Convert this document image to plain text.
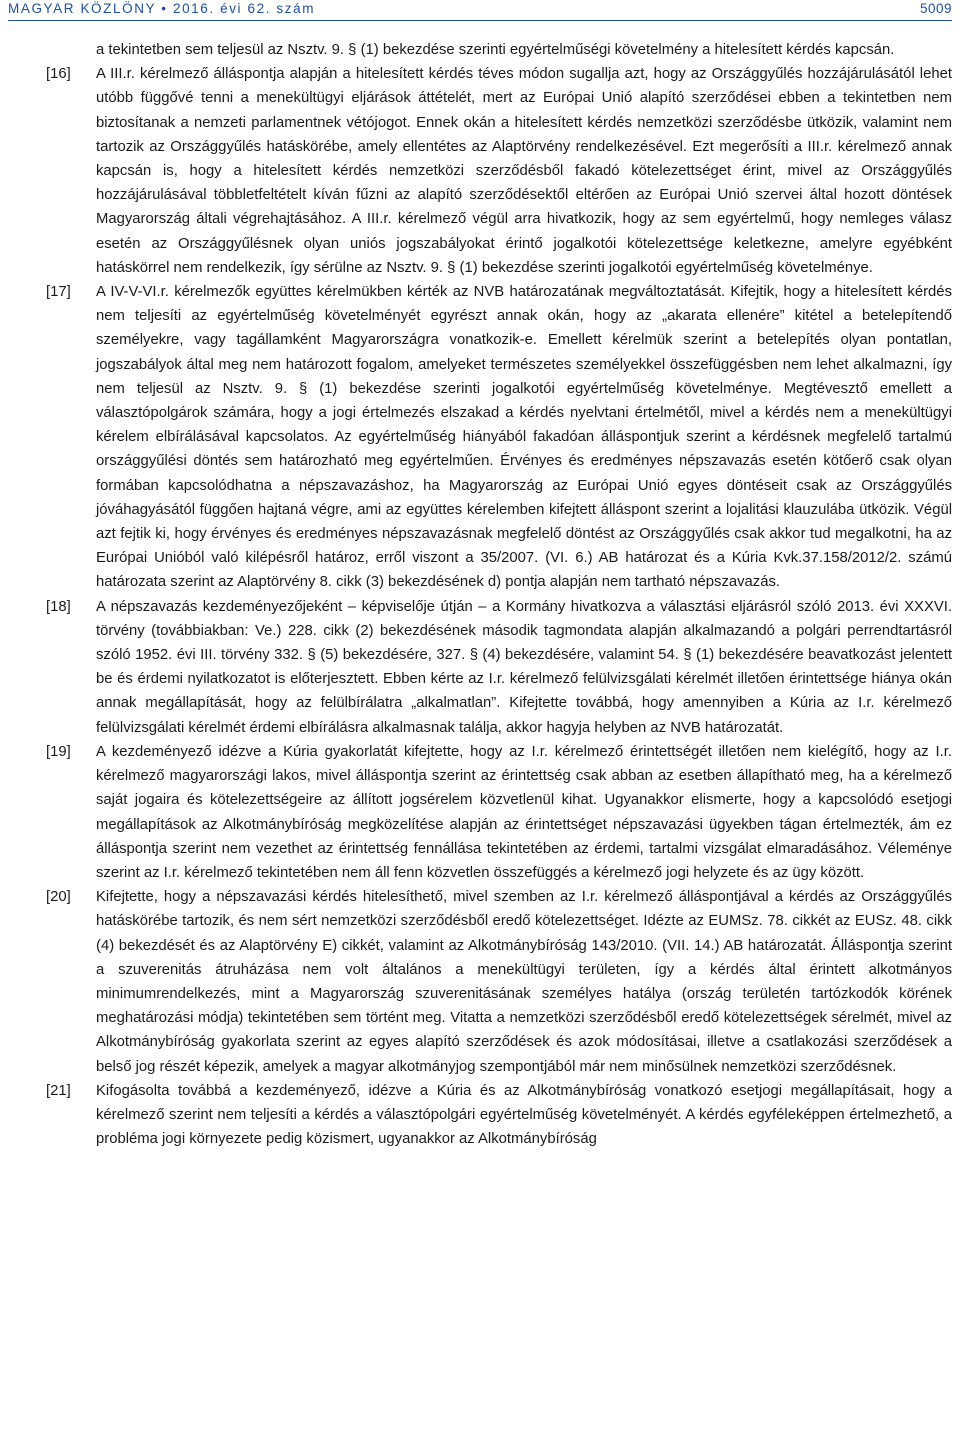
MAGYAR KÖZLÖNY • 2016. évi 62. szám	5009
a tekintetben sem teljesül az Nsztv. 9. § (1) bekezdése szerinti egyértelműségi követelmény a hitelesített kérdés kapcsán.
[16] A III.r. kérelmező álláspontja alapján a hitelesített kérdés téves módon sugallja azt, hogy az Országgyűlés hozzájárulásától lehet utóbb függővé tenni a menekültügyi eljárások áttételét, mert az Európai Unió alapító szerződései ebben a tekintetben nem biztosítanak a nemzeti parlamentnek vétójogot. Ennek okán a hitelesített kérdés nemzetközi szerződésbe ütközik, valamint nem tartozik az Országgyűlés hatáskörébe, amely ellentétes az Alaptörvény rendelkezésével. Ezt megerősíti a III.r. kérelmező annak kapcsán is, hogy a hitelesített kérdés nemzetközi szerződésből fakadó kötelezettséget érint, mivel az Országgyűlés hozzájárulásával többletfeltételt kíván fűzni az alapító szerződésektől eltérően az Európai Unió szervei által hozott döntések Magyarország általi végrehajtásához. A III.r. kérelmező végül arra hivatkozik, hogy az sem egyértelmű, hogy nemleges válasz esetén az Országgyűlésnek olyan uniós jogszabályokat érintő jogalkotói kötelezettsége keletkezne, amelyre egyébként hatáskörrel nem rendelkezik, így sérülne az Nsztv. 9. § (1) bekezdése szerinti jogalkotói egyértelműség követelménye.
[17] A IV-V-VI.r. kérelmezők együttes kérelmükben kérték az NVB határozatának megváltoztatását. Kifejtik, hogy a hitelesített kérdés nem teljesíti az egyértelműség követelményét egyrészt annak okán, hogy az „akarata ellenére” kitétel a betelepítendő személyekre, vagy tagállamként Magyarországra vonatkozik-e. Emellett kérelmük szerint a betelepítés olyan pontatlan, jogszabályok által meg nem határozott fogalom, amelyeket természetes személyekkel összefüggésben nem lehet alkalmazni, így nem teljesül az Nsztv. 9. § (1) bekezdése szerinti jogalkotói egyértelműség követelménye. Megtévesztő emellett a választópolgárok számára, hogy a jogi értelmezés elszakad a kérdés nyelvtani értelmétől, mivel a kérdés nem a menekültügyi kérelem elbírálásával kapcsolatos. Az egyértelműség hiányából fakadóan álláspontjuk szerint a kérdésnek megfelelő tartalmú országgyűlési döntés sem határozható meg egyértelműen. Érvényes és eredményes népszavazás esetén kötőerő csak olyan formában kapcsolódhatna a népszavazáshoz, ha Magyarország az Európai Unió egyes döntéseit csak az Országgyűlés jóváhagyásától függően hajtaná végre, ami az együttes kérelemben kifejtett álláspont szerint a lojalitási klauzulába ütközik. Végül azt fejtik ki, hogy érvényes és eredményes népszavazásnak megfelelő döntést az Országgyűlés csak akkor tud megalkotni, ha az Európai Unióból való kilépésről határoz, erről viszont a 35/2007. (VI. 6.) AB határozat és a Kúria Kvk.37.158/2012/2. számú határozata szerint az Alaptörvény 8. cikk (3) bekezdésének d) pontja alapján nem tartható népszavazás.
[18] A népszavazás kezdeményezőjeként – képviselője útján – a Kormány hivatkozva a választási eljárásról szóló 2013. évi XXXVI. törvény (továbbiakban: Ve.) 228. cikk (2) bekezdésének második tagmondata alapján alkalmazandó a polgári perrendtartásról szóló 1952. évi III. törvény 332. § (5) bekezdésére, 327. § (4) bekezdésére, valamint 54. § (1) bekezdésére beavatkozást jelentett be és érdemi nyilatkozatot is előterjesztett. Ebben kérte az I.r. kérelmező felülvizsgálati kérelmét illetően érintettsége hiánya okán annak megállapítását, hogy az felülbírálatra „alkalmatlan”. Kifejtette továbbá, hogy amennyiben a Kúria az I.r. kérelmező felülvizsgálati kérelmét érdemi elbírálásra alkalmasnak találja, akkor hagyja helyben az NVB határozatát.
[19] A kezdeményező idézve a Kúria gyakorlatát kifejtette, hogy az I.r. kérelmező érintettségét illetően nem kielégítő, hogy az I.r. kérelmező magyarországi lakos, mivel álláspontja szerint az érintettség csak abban az esetben állapítható meg, ha a kérelmező saját jogaira és kötelezettségeire az állított jogsérelem közvetlenül kihat. Ugyanakkor elismerte, hogy a kapcsolódó esetjogi megállapítások az Alkotmánybíróság megközelítése alapján az érintettséget népszavazási ügyekben tágan értelmezték, ám ez álláspontja szerint nem vezethet az érintettség fennállása tekintetében az érdemi, tartalmi vizsgálat elmaradásához. Véleménye szerint az I.r. kérelmező tekintetében nem áll fenn közvetlen összefüggés a kérelmező jogi helyzete és az ügy között.
[20] Kifejtette, hogy a népszavazási kérdés hitelesíthető, mivel szemben az I.r. kérelmező álláspontjával a kérdés az Országgyűlés hatáskörébe tartozik, és nem sért nemzetközi szerződésből eredő kötelezettséget. Idézte az EUMSz. 78. cikkét az EUSz. 48. cikk (4) bekezdését és az Alaptörvény E) cikkét, valamint az Alkotmánybíróság 143/2010. (VII. 14.) AB határozatát. Álláspontja szerint a szuverenitás átruházása nem volt általános a menekültügyi területen, így a kérdés által érintett alkotmányos minimumrendelkezés, mint a Magyarország szuverenitásának személyes hatálya (ország területén tartózkodók körének meghatározási módja) tekintetében sem történt meg. Vitatta a nemzetközi szerződésből eredő kötelezettségek sérelmét, mivel az Alkotmánybíróság gyakorlata szerint az egyes alapító szerződések és azok módosításai, illetve a csatlakozási szerződések a belső jog részét képezik, amelyek a magyar alkotmányjog szempontjából már nem minősülnek nemzetközi szerződésnek.
[21] Kifogásolta továbbá a kezdeményező, idézve a Kúria és az Alkotmánybíróság vonatkozó esetjogi megállapításait, hogy a kérelmező szerint nem teljesíti a kérdés a választópolgári egyértelműség követelményét. A kérdés egyféleképpen értelmezhető, a probléma jogi környezete pedig közismert, ugyanakkor az Alkotmánybíróság
